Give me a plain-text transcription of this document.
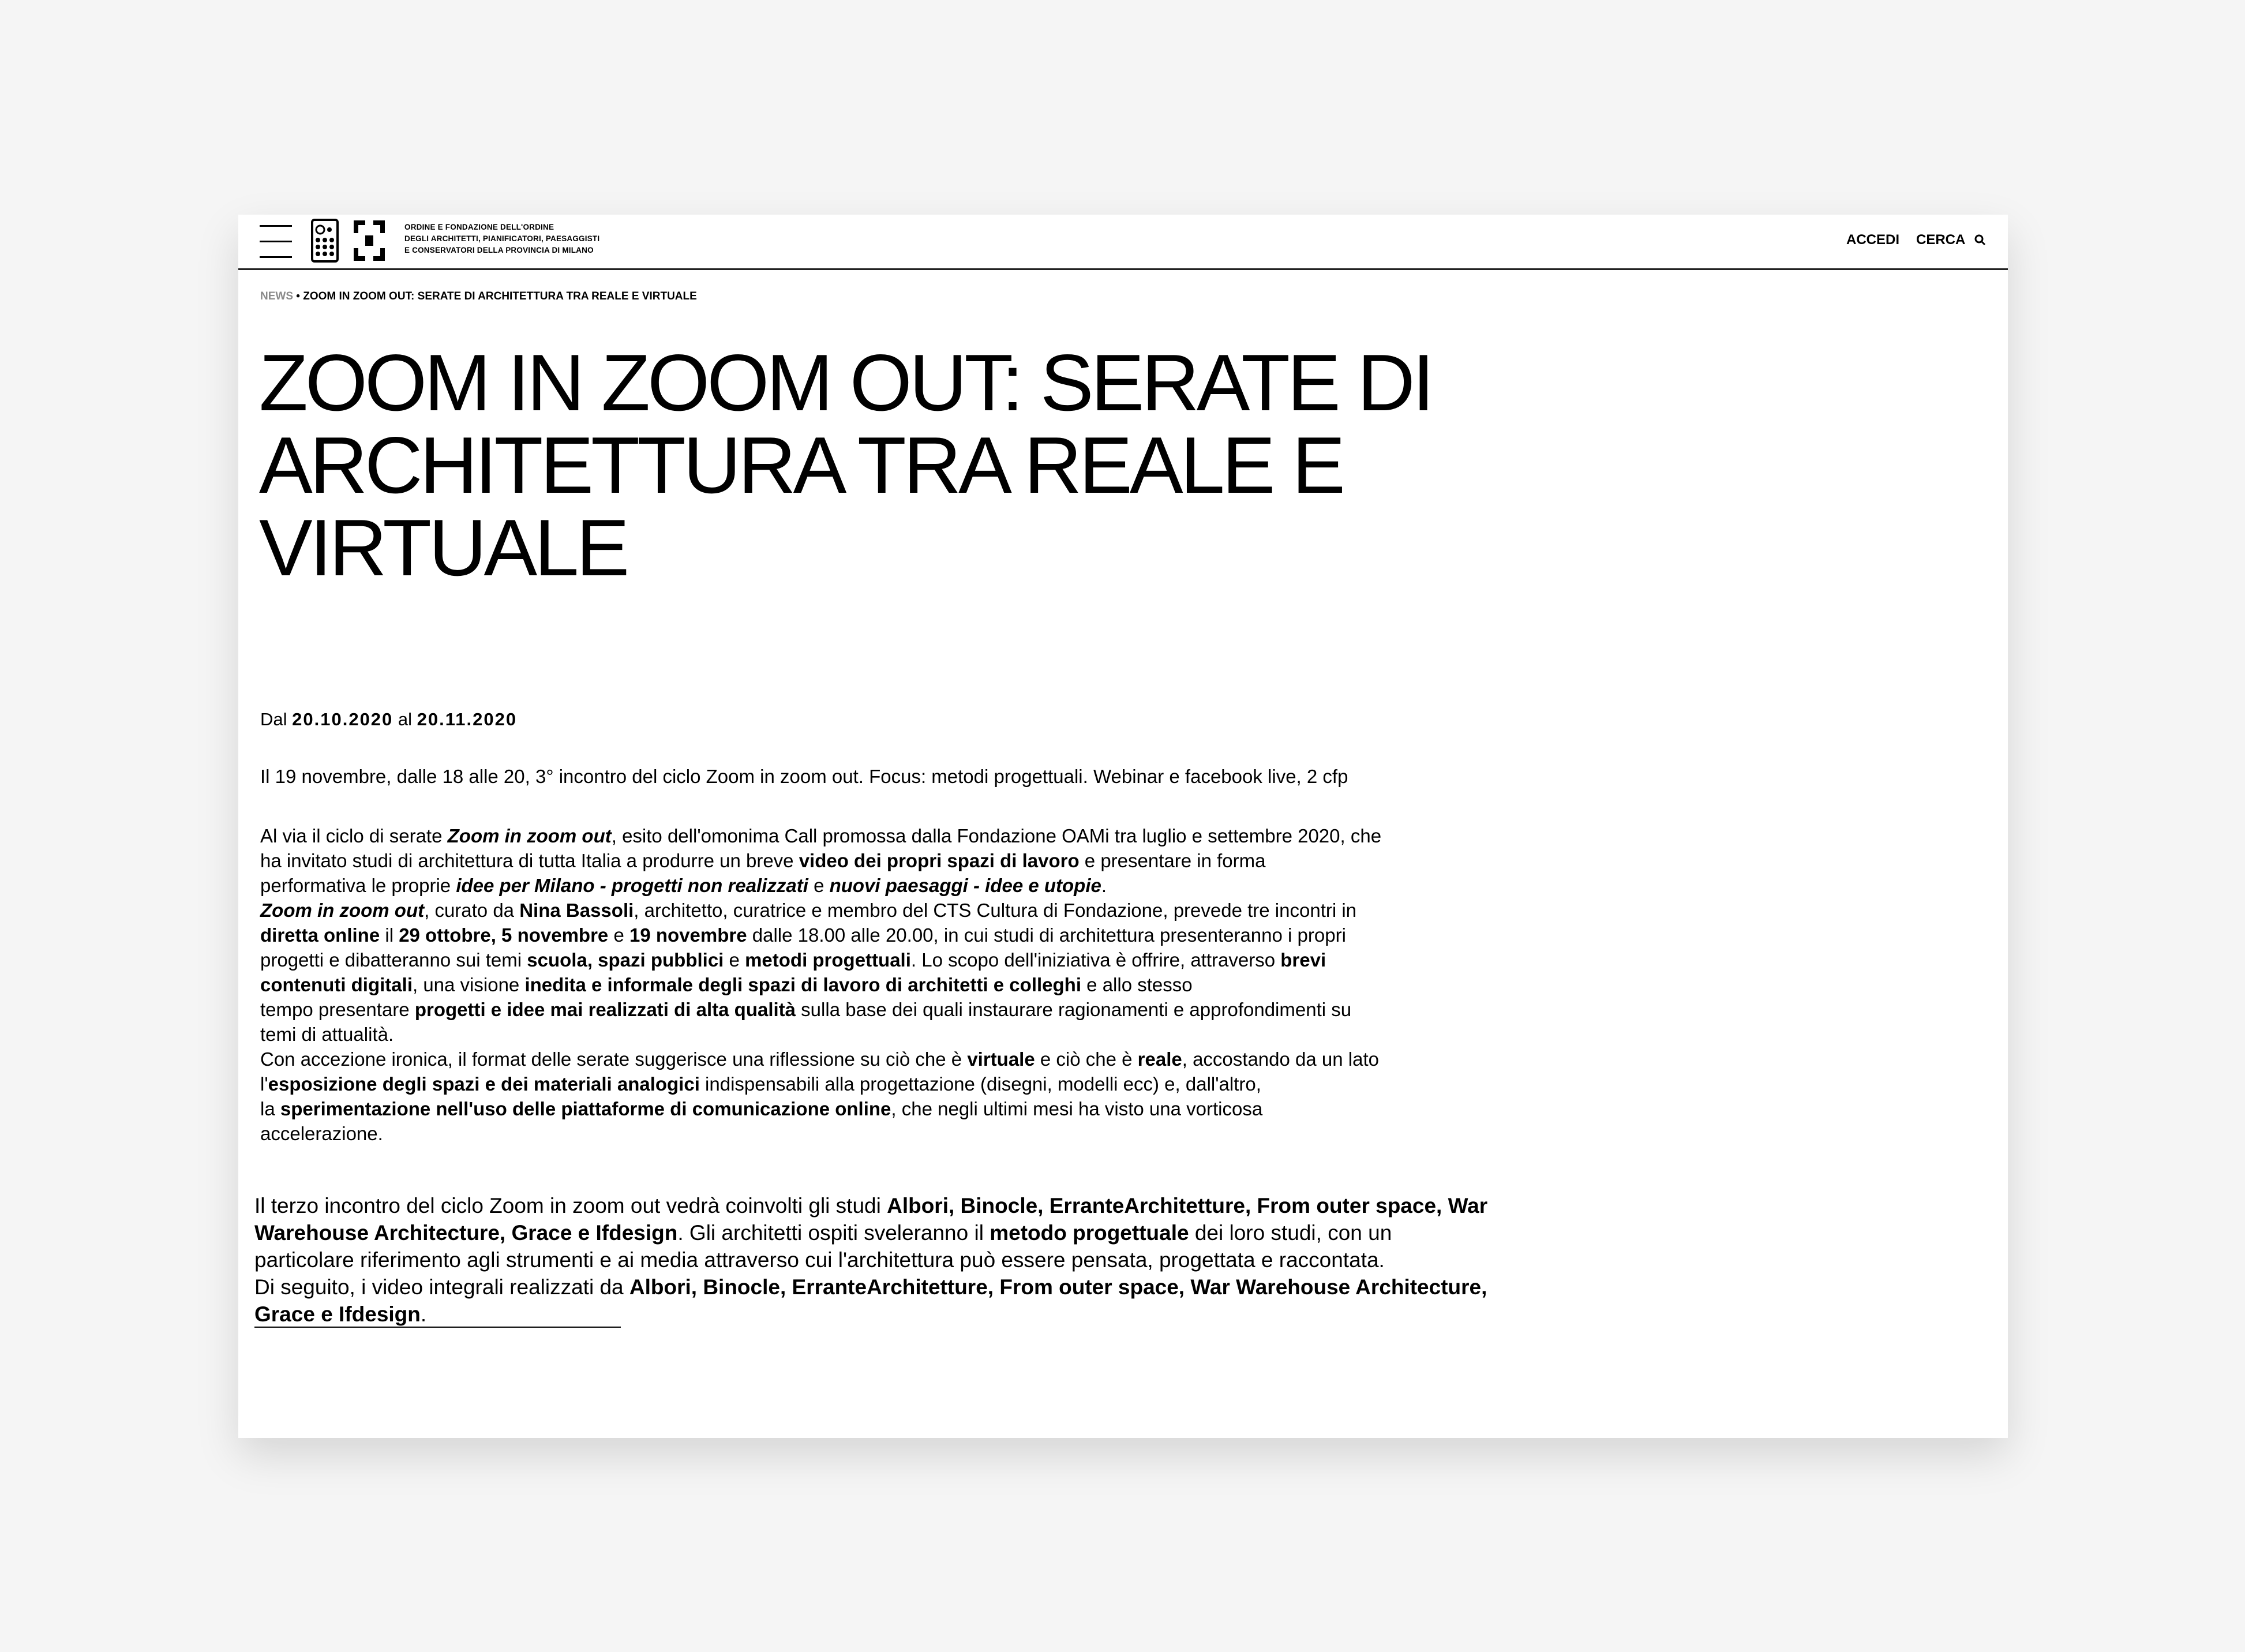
ORDINE E FONDAZIONE DELL'ORDINE
DEGLI ARCHITETTI, PIANIFICATORI, PAESAGGISTI
E CONSERVATORI DELLA PROVINCIA DI MILANO
ACCEDI CERCA
NEWS • ZOOM IN ZOOM OUT: SERATE DI ARCHITETTURA TRA REALE E VIRTUALE
ZOOM IN ZOOM OUT: SERATE DI
ARCHITETTURA TRA REALE E
VIRTUALE
Dal 20.10.2020 al 20.11.2020
Il 19 novembre, dalle 18 alle 20, 3° incontro del ciclo Zoom in zoom out. Focus: metodi progettuali. Webinar e facebook live, 2 cfp
Al via il ciclo di serate Zoom in zoom out, esito dell'omonima Call promossa dalla Fondazione OAMi tra luglio e settembre 2020, che
ha invitato studi di architettura di tutta Italia a produrre un breve video dei propri spazi di lavoro e presentare in forma
performativa le proprie idee per Milano - progetti non realizzati e nuovi paesaggi - idee e utopie.
Zoom in zoom out, curato da Nina Bassoli, architetto, curatrice e membro del CTS Cultura di Fondazione, prevede tre incontri in
diretta online il 29 ottobre, 5 novembre e 19 novembre dalle 18.00 alle 20.00, in cui studi di architettura presenteranno i propri
progetti e dibatteranno sui temi scuola, spazi pubblici e metodi progettuali. Lo scopo dell'iniziativa è offrire, attraverso brevi
contenuti digitali, una visione inedita e informale degli spazi di lavoro di architetti e colleghi e allo stesso
tempo presentare progetti e idee mai realizzati di alta qualità sulla base dei quali instaurare ragionamenti e approfondimenti su
temi di attualità.
Con accezione ironica, il format delle serate suggerisce una riflessione su ciò che è virtuale e ciò che è reale, accostando da un lato
l'esposizione degli spazi e dei materiali analogici indispensabili alla progettazione (disegni, modelli ecc) e, dall'altro,
la sperimentazione nell'uso delle piattaforme di comunicazione online, che negli ultimi mesi ha visto una vorticosa
accelerazione.
Il terzo incontro del ciclo Zoom in zoom out vedrà coinvolti gli studi Albori, Binocle, ErranteArchitetture, From outer space, War
Warehouse Architecture, Grace e Ifdesign. Gli architetti ospiti sveleranno il metodo progettuale dei loro studi, con un
particolare riferimento agli strumenti e ai media attraverso cui l'architettura può essere pensata, progettata e raccontata.
Di seguito, i video integrali realizzati da Albori, Binocle, ErranteArchitetture, From outer space, War Warehouse Architecture,
Grace e Ifdesign.
